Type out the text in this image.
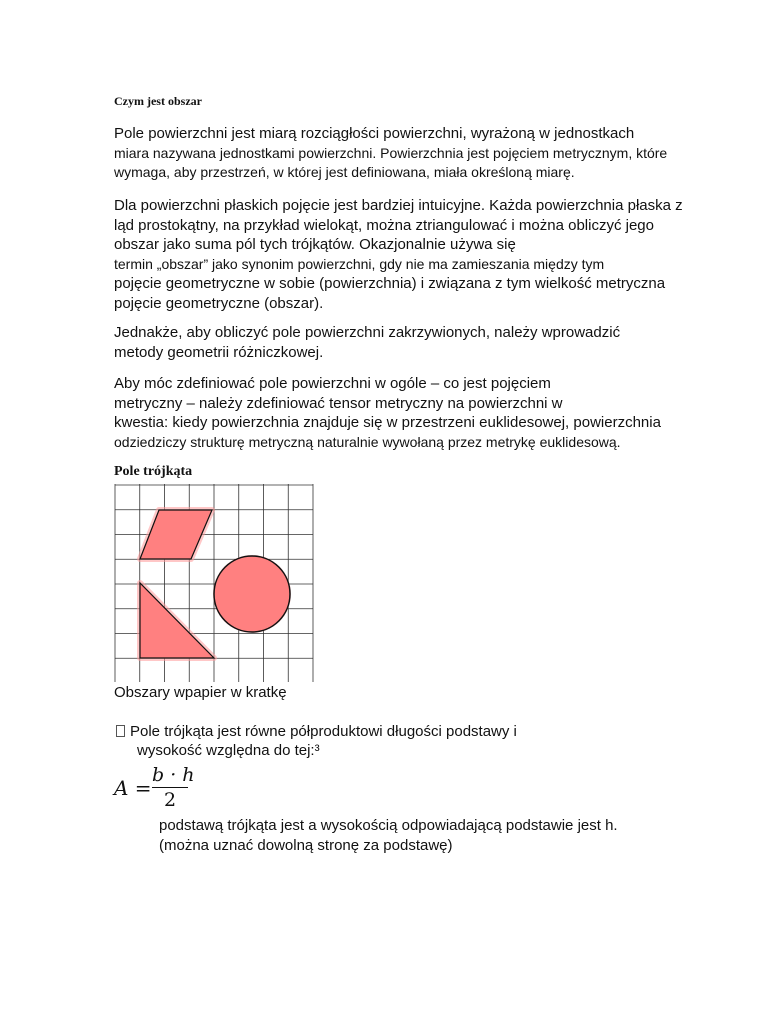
Czym jest obszar

Pole powierzchni jest miarą rozciągłości powierzchni, wyrażoną w jednostkach
miara nazywana jednostkami powierzchni. Powierzchnia jest pojęciem metrycznym, które
wymaga, aby przestrzeń, w której jest definiowana, miała określoną miarę.

Dla powierzchni płaskich pojęcie jest bardziej intuicyjne. Każda powierzchnia płaska z
ląd prostokątny, na przykład wielokąt, można ztriangulować i można obliczyć jego
obszar jako suma pól tych trójkątów. Okazjonalnie używa się
termin „obszar” jako synonim powierzchni, gdy nie ma zamieszania między tym
pojęcie geometryczne w sobie (powierzchnia) i związana z tym wielkość metryczna
pojęcie geometryczne (obszar).

Jednakże, aby obliczyć pole powierzchni zakrzywionych, należy wprowadzić
metody geometrii różniczkowej.

Aby móc zdefiniować pole powierzchni w ogóle – co jest pojęciem
metryczny – należy zdefiniować tensor metryczny na powierzchni w
kwestia: kiedy powierzchnia znajduje się w przestrzeni euklidesowej, powierzchnia
odziedziczy strukturę metryczną naturalnie wywołaną przez metrykę euklidesową.

Pole trójkąta
Obszary wpapier w kratkę
Pole trójkąta jest równe półproduktowi długości podstawy i
wysokość względna do tej:³
A =
b · h
2

podstawą trójkąta jest a wysokością odpowiadającą podstawie jest h.
(można uznać dowolną stronę za podstawę)
